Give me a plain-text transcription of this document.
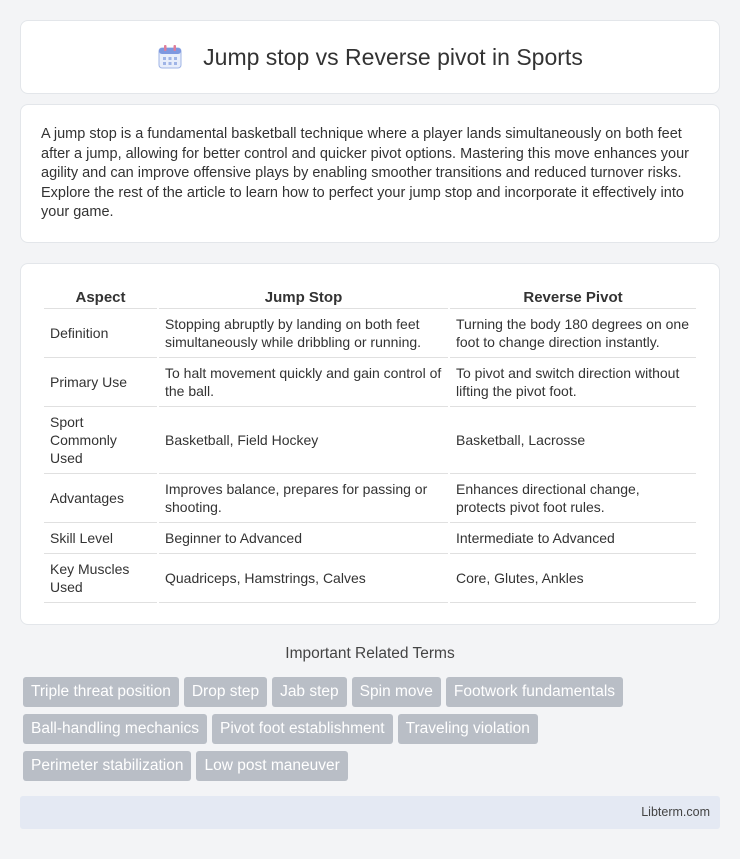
Jump stop vs Reverse pivot in Sports

A jump stop is a fundamental basketball technique where a player lands simultaneously on both feet after a jump, allowing for better control and quicker pivot options. Mastering this move enhances your agility and can improve offensive plays by enabling smoother transitions and reduced turnover risks. Explore the rest of the article to learn how to perfect your jump stop and incorporate it effectively into your game.

Aspect	Jump Stop	Reverse Pivot
Definition	Stopping abruptly by landing on both feet simultaneously while dribbling or running.	Turning the body 180 degrees on one foot to change direction instantly.
Primary Use	To halt movement quickly and gain control of the ball.	To pivot and switch direction without lifting the pivot foot.
Sport Commonly Used	Basketball, Field Hockey	Basketball, Lacrosse
Advantages	Improves balance, prepares for passing or shooting.	Enhances directional change, protects pivot foot rules.
Skill Level	Beginner to Advanced	Intermediate to Advanced
Key Muscles Used	Quadriceps, Hamstrings, Calves	Core, Glutes, Ankles
Important Related Terms
Triple threat position Drop step Jab step Spin move Footwork fundamentals
Ball-handling mechanics Pivot foot establishment Traveling violation
Perimeter stabilization Low post maneuver
Libterm.com
